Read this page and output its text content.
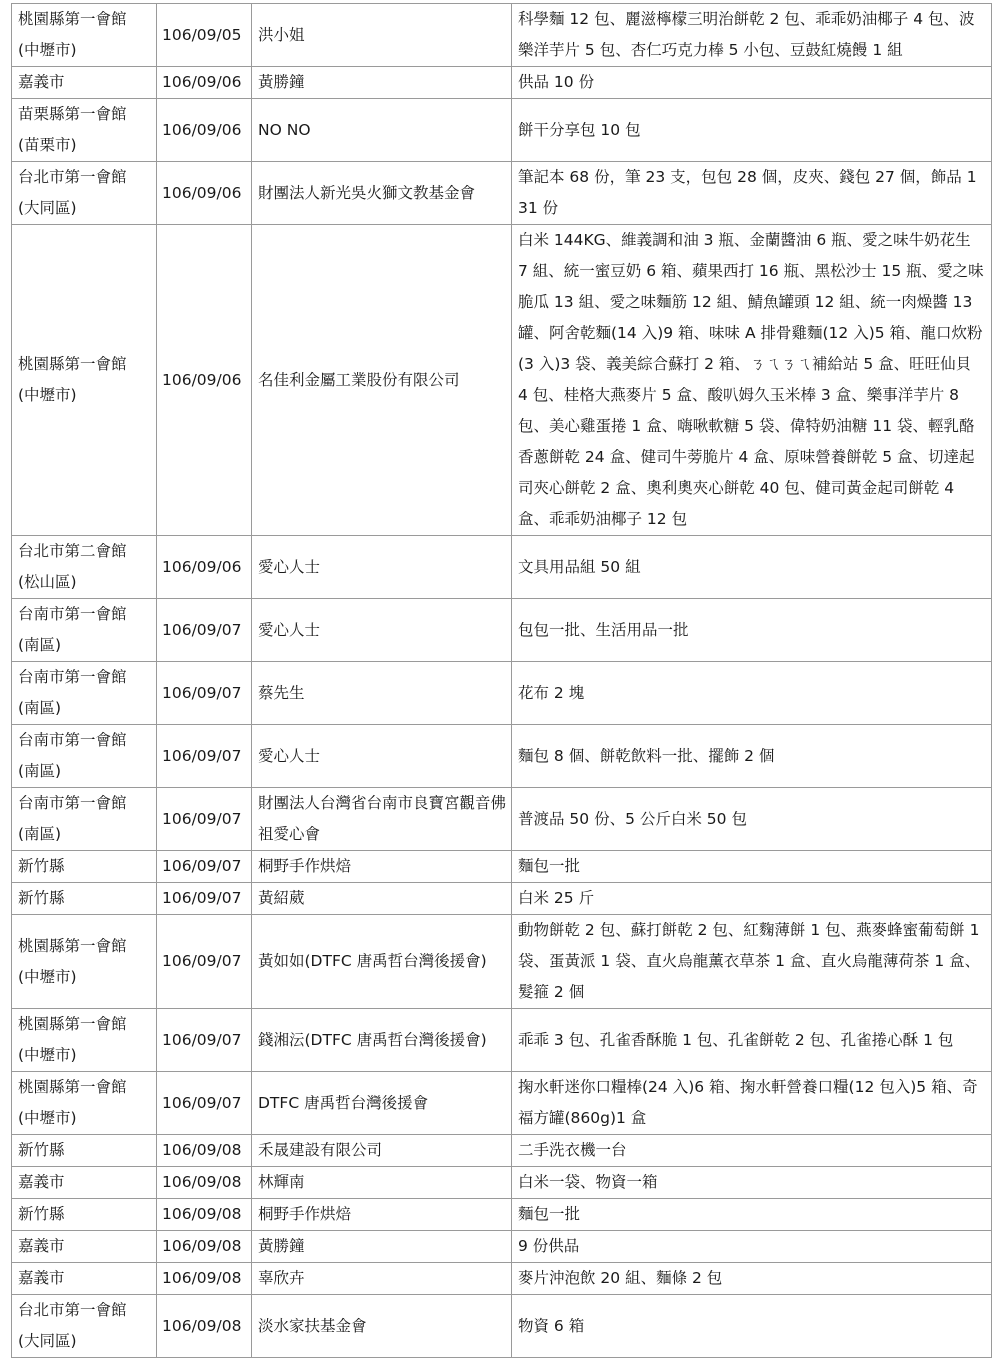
桃園縣第一會館
(中壢市)	106/09/05	洪小姐	科學麵 12 包、麗滋檸檬三明治餅乾 2 包、乖乖奶油椰子 4 包、波樂洋芋片 5 包、杏仁巧克力棒 5 小包、豆鼓紅燒饅 1 組

嘉義市	106/09/06	黃勝鐘	供品 10 份

苗栗縣第一會館
(苗栗市)	106/09/06	NO NO	餅干分享包 10 包

台北市第一會館
(大同區)	106/09/06	財團法人新光吳火獅文教基金會	筆記本 68 份，筆 23 支，包包 28 個，皮夾、錢包 27 個，飾品 131 份

桃園縣第一會館
(中壢市)	106/09/06	名佳利金屬工業股份有限公司	白米 144KG、維義調和油 3 瓶、金蘭醬油 6 瓶、愛之味牛奶花生 7 組、統一蜜豆奶 6 箱、蘋果西打 16 瓶、黑松沙士 15 瓶、愛之味脆瓜 13 組、愛之味麵筋 12 組、鯖魚罐頭 12 組、統一肉燥醬 13 罐、阿舍乾麵(14 入)9 箱、味味 A 排骨雞麵(12 入)5 箱、龍口炊粉(3 入)3 袋、義美綜合蘇打 2 箱、ㄋㄟㄋㄟ補給站 5 盒、旺旺仙貝 4 包、桂格大燕麥片 5 盒、酸叭姆久玉米棒 3 盒、樂事洋芋片 8 包、美心雞蛋捲 1 盒、嗨啾軟糖 5 袋、偉特奶油糖 11 袋、輕乳酪香蔥餅乾 24 盒、健司牛蒡脆片 4 盒、原味營養餅乾 5 盒、切達起司夾心餅乾 2 盒、奧利奧夾心餅乾 40 包、健司黃金起司餅乾 4 盒、乖乖奶油椰子 12 包

台北市第二會館
(松山區)	106/09/06	愛心人士	文具用品組 50 組

台南市第一會館
(南區)	106/09/07	愛心人士	包包一批、生活用品一批

台南市第一會館
(南區)	106/09/07	蔡先生	花布 2 塊

台南市第一會館
(南區)	106/09/07	愛心人士	麵包 8 個、餅乾飲料一批、擺飾 2 個

台南市第一會館
(南區)	106/09/07	財團法人台灣省台南市良寶宮觀音佛祖愛心會	普渡品 50 份、5 公斤白米 50 包

新竹縣	106/09/07	桐野手作烘焙	麵包一批

新竹縣	106/09/07	黃紹葳	白米 25 斤

桃園縣第一會館
(中壢市)	106/09/07	黃如如(DTFC 唐禹哲台灣後援會)	動物餅乾 2 包、蘇打餅乾 2 包、紅麴薄餅 1 包、燕麥蜂蜜葡萄餅 1 袋、蛋黃派 1 袋、直火烏龍薰衣草茶 1 盒、直火烏龍薄荷茶 1 盒、髮箍 2 個

桃園縣第一會館
(中壢市)	106/09/07	錢湘沄(DTFC 唐禹哲台灣後援會)	乖乖 3 包、孔雀香酥脆 1 包、孔雀餅乾 2 包、孔雀捲心酥 1 包

桃園縣第一會館
(中壢市)	106/09/07	DTFC 唐禹哲台灣後援會	掬水軒迷你口糧棒(24 入)6 箱、掬水軒營養口糧(12 包入)5 箱、奇福方罐(860g)1 盒

新竹縣	106/09/08	禾晟建設有限公司	二手洗衣機一台

嘉義市	106/09/08	林輝南	白米一袋、物資一箱

新竹縣	106/09/08	桐野手作烘焙	麵包一批

嘉義市	106/09/08	黃勝鐘	9 份供品

嘉義市	106/09/08	辜欣卉	麥片沖泡飲 20 組、麵條 2 包

台北市第一會館
(大同區)	106/09/08	淡水家扶基金會	物資 6 箱
